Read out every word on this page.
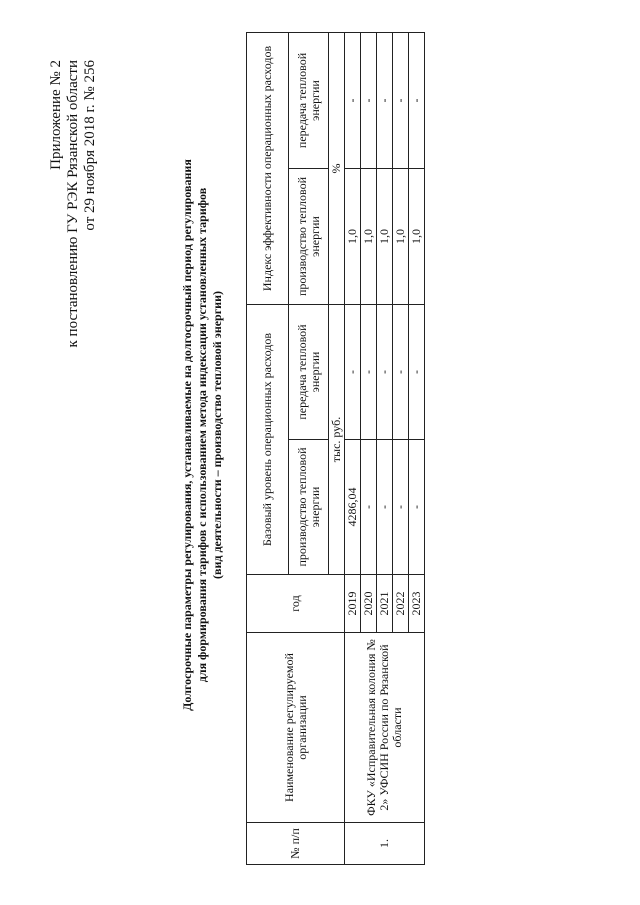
Приложение № 2 к постановлению ГУ РЭК Рязанской области от 29 ноября 2018 г. № 256
Долгосрочные параметры регулирования, устанавливаемые на долгосрочный период регулирования для формирования тарифов с использованием метода индексации установленных тарифов (вид деятельности – производство тепловой энергии)
№ п/п	Наименование регулируемой организации	год	Базовый уровень операционных расходов		Индекс эффективности операционных расходов	
			производство тепловой энергии	передача тепловой энергии	производство тепловой энергии	передача тепловой энергии
			тыс. руб.		%	
1.	ФКУ «Исправительная колония № 2» УФСИН России по Рязанской области	2019	4286,04	-	1,0	-
		2020	-	-	1,0	-
		2021	-	-	1,0	-
		2022	-	-	1,0	-
		2023	-	-	1,0	-
